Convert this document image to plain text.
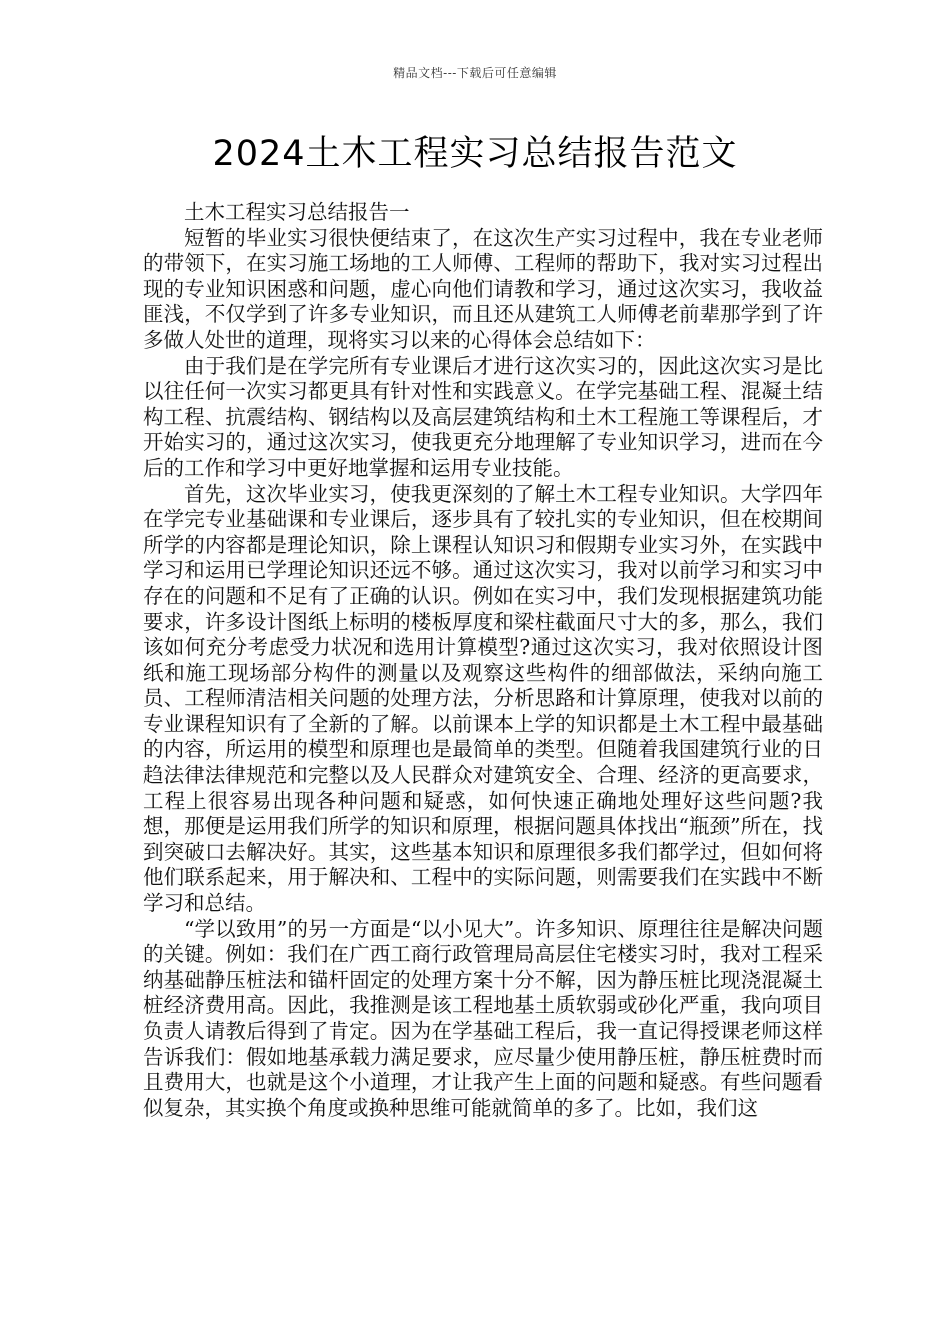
精品文档---下载后可任意编辑
2024土木工程实习总结报告范文

土木工程实习总结报告一

短暂的毕业实习很快便结束了，在这次生产实习过程中，我在专业老师的带领下，在实习施工场地的工人师傅、工程师的帮助下，我对实习过程出现的专业知识困惑和问题，虚心向他们请教和学习，通过这次实习，我收益匪浅，不仅学到了许多专业知识，而且还从建筑工人师傅老前辈那学到了许多做人处世的道理，现将实习以来的心得体会总结如下：

由于我们是在学完所有专业课后才进行这次实习的，因此这次实习是比以往任何一次实习都更具有针对性和实践意义。在学完基础工程、混凝土结构工程、抗震结构、钢结构以及高层建筑结构和土木工程施工等课程后，才开始实习的，通过这次实习，使我更充分地理解了专业知识学习，进而在今后的工作和学习中更好地掌握和运用专业技能。

首先，这次毕业实习，使我更深刻的了解土木工程专业知识。大学四年在学完专业基础课和专业课后，逐步具有了较扎实的专业知识，但在校期间所学的内容都是理论知识，除上课程认知识习和假期专业实习外，在实践中学习和运用已学理论知识还远不够。通过这次实习，我对以前学习和实习中存在的问题和不足有了正确的认识。例如在实习中，我们发现根据建筑功能要求，许多设计图纸上标明的楼板厚度和梁柱截面尺寸大的多，那么，我们该如何充分考虑受力状况和选用计算模型?通过这次实习，我对依照设计图纸和施工现场部分构件的测量以及观察这些构件的细部做法，采纳向施工员、工程师清洁相关问题的处理方法，分析思路和计算原理，使我对以前的专业课程知识有了全新的了解。以前课本上学的知识都是土木工程中最基础的内容，所运用的模型和原理也是最简单的类型。但随着我国建筑行业的日趋法律法律规范和完整以及人民群众对建筑安全、合理、经济的更高要求，工程上很容易出现各种问题和疑惑，如何快速正确地处理好这些问题?我想，那便是运用我们所学的知识和原理，根据问题具体找出“瓶颈”所在，找到突破口去解决好。其实，这些基本知识和原理很多我们都学过，但如何将他们联系起来，用于解决和、工程中的实际问题，则需要我们在实践中不断学习和总结。

“学以致用”的另一方面是“以小见大”。许多知识、原理往往是解决问题的关键。例如：我们在广西工商行政管理局高层住宅楼实习时，我对工程采纳基础静压桩法和锚杆固定的处理方案十分不解，因为静压桩比现浇混凝土桩经济费用高。因此，我推测是该工程地基土质软弱或砂化严重，我向项目负责人请教后得到了肯定。因为在学基础工程后，我一直记得授课老师这样告诉我们：假如地基承载力满足要求，应尽量少使用静压桩，静压桩费时而且费用大，也就是这个小道理，才让我产生上面的问题和疑惑。有些问题看似复杂，其实换个角度或换种思维可能就简单的多了。比如，我们这
